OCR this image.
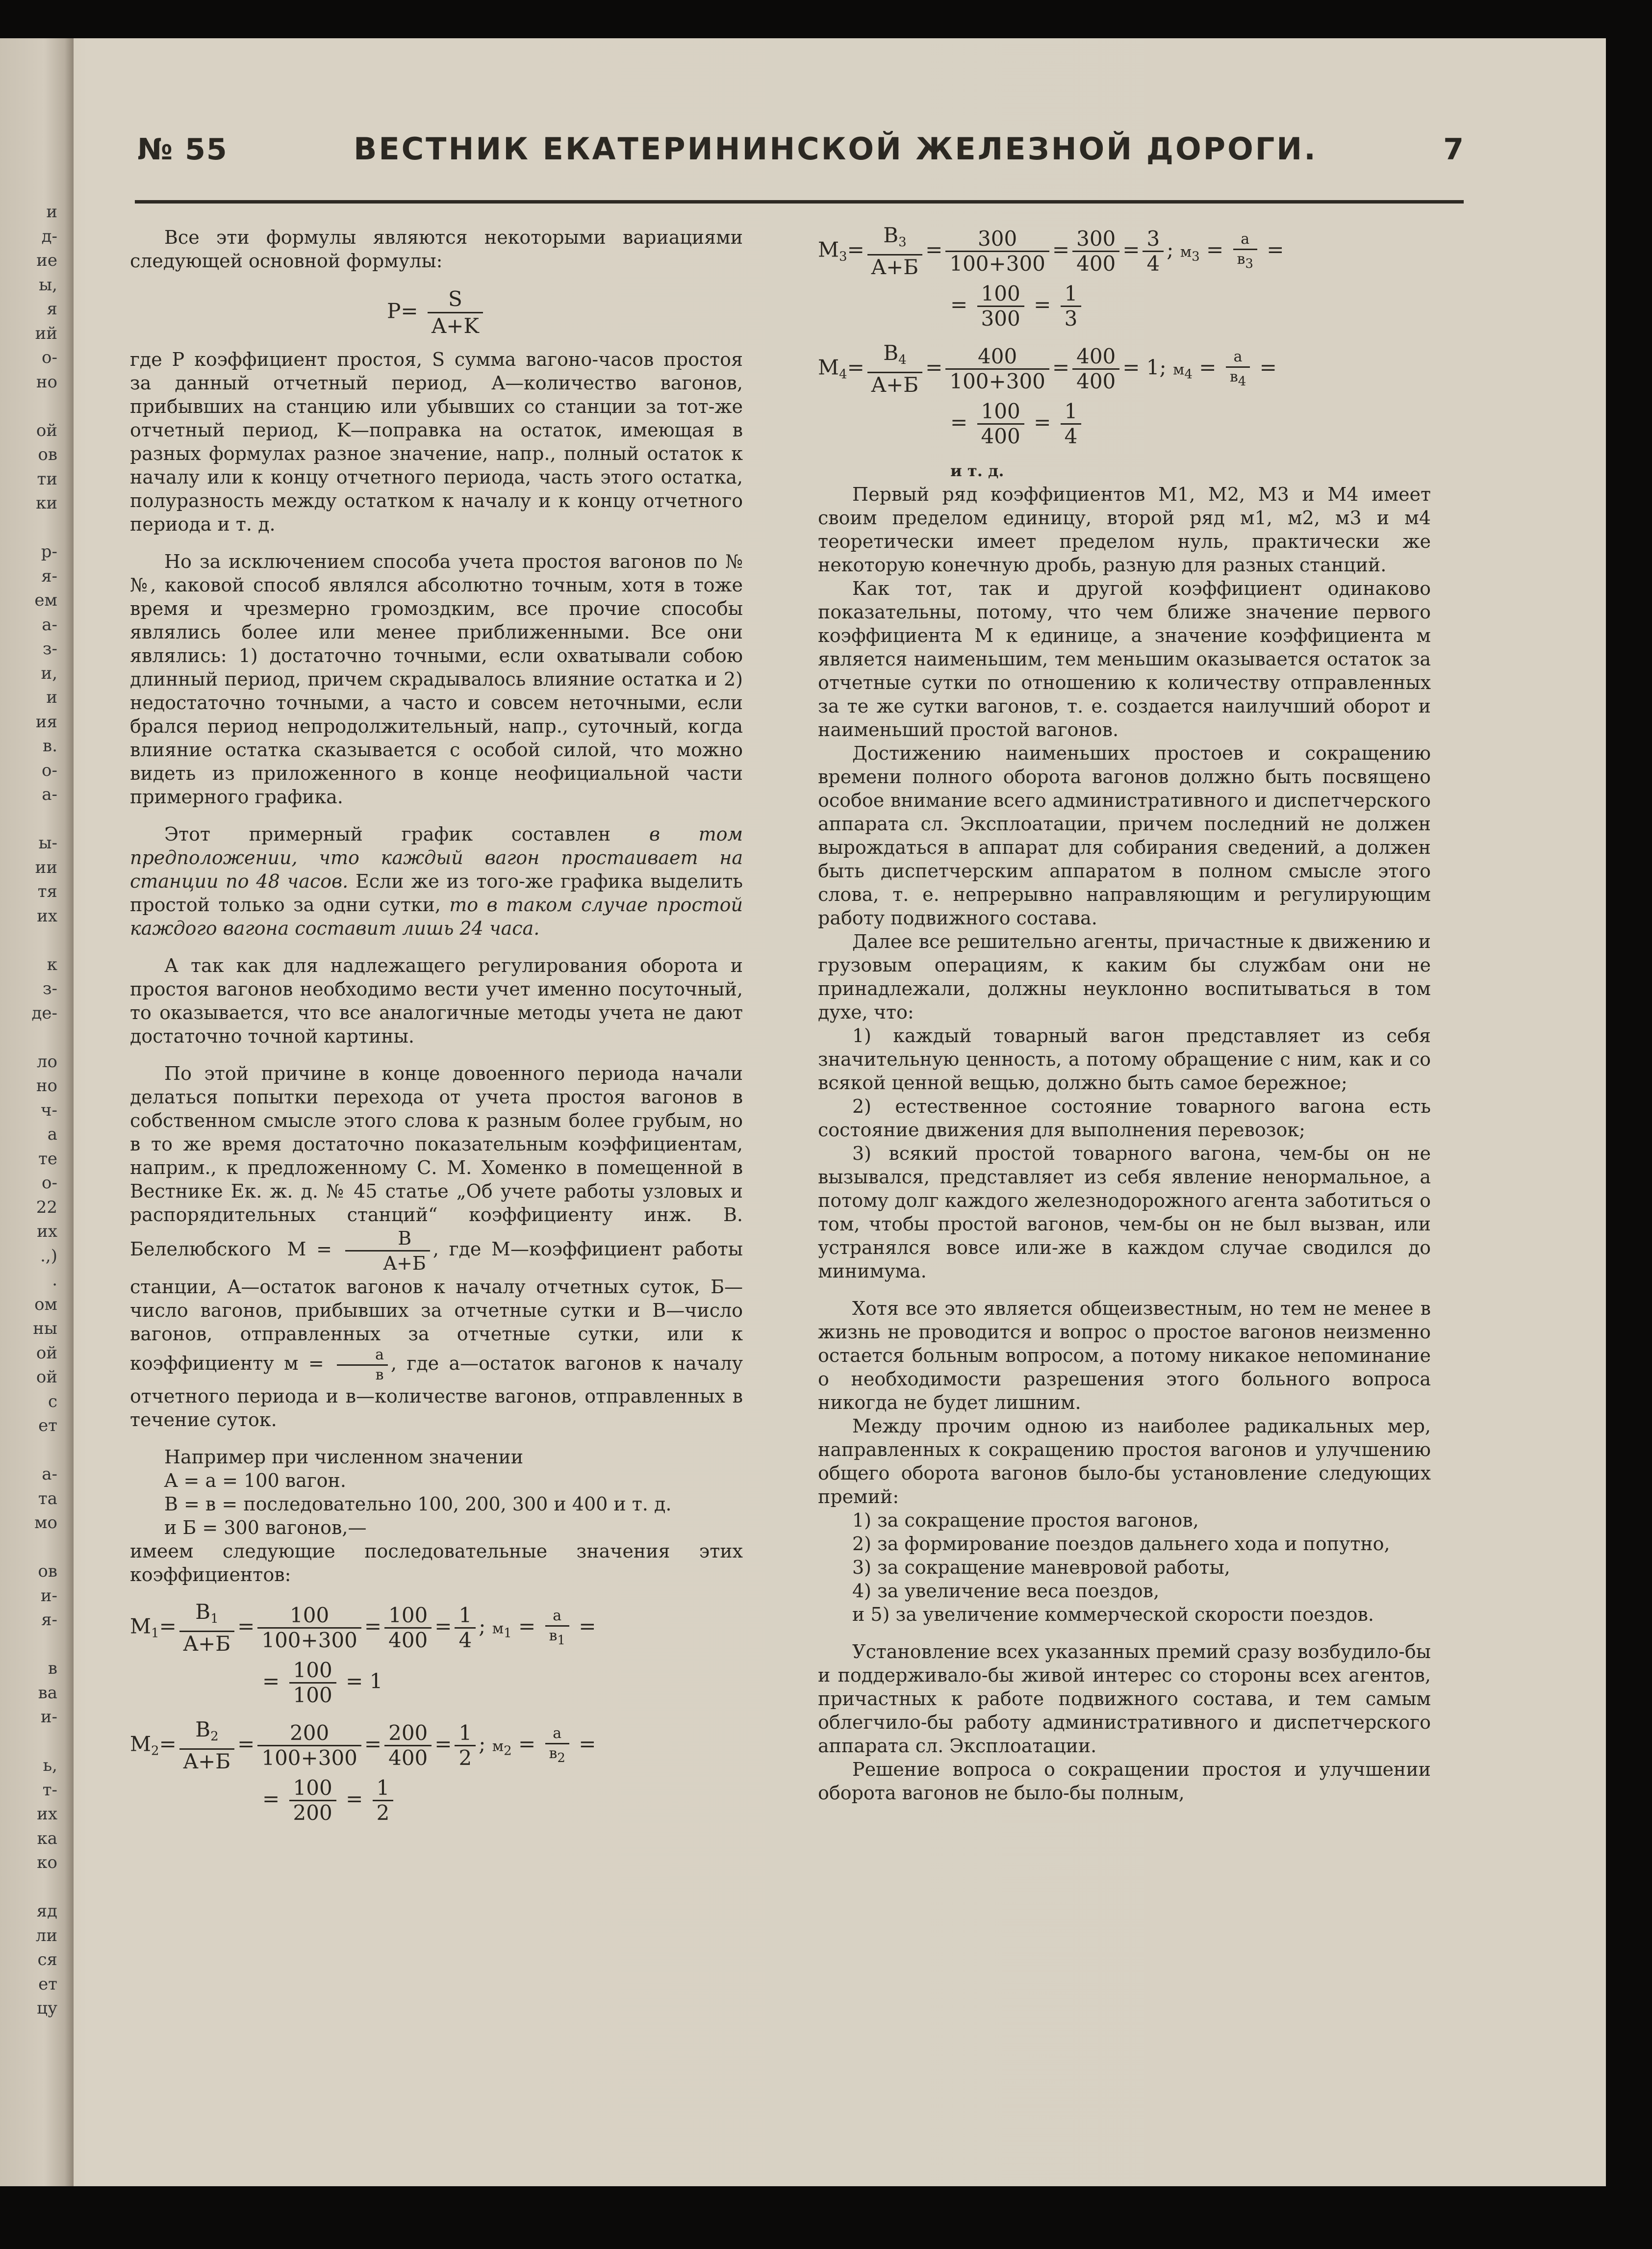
и
д-
ие
ы,
я
ий
о-
но

ой
ов
ти
ки

р-
я-
ем
а-
з-
и,
и
ия
в.
о-
а-

ы-
ии
тя
их

к
з-
де-

ло
но
ч-
а
те
о-
22
их
.,)
.
ом
ны
ой
ой
с
ет

а-
та
мо

ов
и-
я-

в
ва
и-

ь,
т-
их
ка
ко

яд
ли
ся
ет
цу
№ 55	ВЕСТНИК ЕКАТЕРИНИНСКОЙ ЖЕЛЕЗНОЙ ДОРОГИ.	7

Все эти формулы являются некоторыми вариациями следующей основной формулы:

$P= \frac{S}{A+K}$

где P коэффициент простоя, S сумма вагоно-часов простоя за данный отчетный период, A—количество вагонов, прибывших на станцию или убывших со станции за тот-же отчетный период, K—поправка на остаток, имеющая в разных формулах разное значение, напр., полный остаток к началу или к концу отчетного периода, часть этого остатка, полуразность между остатком к началу и к концу отчетного периода и т. д.

Но за исключением способа учета простоя вагонов по №№, каковой способ являлся абсолютно точным, хотя в тоже время и чрезмерно громоздким, все прочие способы являлись более или менее приближенными. Все они являлись: 1) достаточно точными, если охватывали собою длинный период, причем скрадывалось влияние остатка и 2) недостаточно точными, а часто и совсем неточными, если брался период непродолжительный, напр., суточный, когда влияние остатка сказывается с особой силой, что можно видеть из приложенного в конце неофициальной части примерного графика.

Этот примерный график составлен в том предположении, что каждый вагон простаивает на станции по 48 часов. Если же из того-же графика выделить простой только за одни сутки, то в таком случае простой каждого вагона составит лишь 24 часа.

А так как для надлежащего регулирования оборота и простоя вагонов необходимо вести учет именно посуточный, то оказывается, что все аналогичные методы учета не дают достаточно точной картины.

По этой причине в конце довоенного периода начали делаться попытки перехода от учета простоя вагонов в собственном смысле этого слова к разным более грубым, но в то же время достаточно показательным коэффициентам, наприм., к предложенному С. М. Хоменко в помещенной в Вестнике Ек. ж. д. № 45 статье „Об учете работы узловых и распорядительных станций“ коэффициенту инж. В. Белелюбского $M = \frac{B}{A+Б}$ , где M—коэффициент работы станции, A—остаток вагонов к началу отчетных суток, Б—число вагонов, прибывших за отчетные сутки и B—число вагонов, отправленных за отчетные сутки, или к коэффициенту $м = \frac{a}{в}$ , где a—остаток вагонов к началу отчетного периода и в—количестве вагонов, отправленных в течение суток.

Например при численном значении

A = a = 100 вагон.

B = в = последовательно 100, 200, 300 и 400 и т. д.

и Б = 300 вагонов,—

имеем следующие последовательные значения этих коэффициентов:

$M_1= \frac{B_1}{A+Б} = \frac{100}{100+300} = \frac{100}{400} = \frac{1}{4}$ ; $м_1 = \frac{a}{в1}$ =
= $\frac{100}{100} = 1$
$M_2= \frac{B_2}{A+Б} = \frac{200}{100+300} = \frac{200}{400} = \frac{1}{2}$ ; $м_2 = \frac{a}{в2}$ =
= $\frac{100}{200} = \frac{1}{2}$
$M_3= \frac{B_3}{A+Б} = \frac{300}{100+300} = \frac{300}{400} = \frac{3}{4}$ ; $м_3 = \frac{a}{в3}$ =
= $\frac{100}{300} = \frac{1}{3}$
$M_4= \frac{B_4}{A+Б} = \frac{400}{100+300} = \frac{400}{400} = 1$; $м_4 = \frac{a}{в4}$ =
= $\frac{100}{400} = \frac{1}{4}$

и т. д.

Первый ряд коэффициентов M1, M2, M3 и M4 имеет своим пределом единицу, второй ряд м1, м2, м3 и м4 теоретически имеет пределом нуль, практически же некоторую конечную дробь, разную для разных станций.

Как тот, так и другой коэффициент одинаково показательны, потому, что чем ближе значение первого коэффициента M к единице, а значение коэффициента м является наименьшим, тем меньшим оказывается остаток за отчетные сутки по отношению к количеству отправленных за те же сутки вагонов, т. е. создается наилучший оборот и наименьший простой вагонов.

Достижению наименьших простоев и сокращению времени полного оборота вагонов должно быть посвящено особое внимание всего административного и диспетчерского аппарата сл. Эксплоатации, причем последний не должен вырождаться в аппарат для собирания сведений, а должен быть диспетчерским аппаратом в полном смысле этого слова, т. е. непрерывно направляющим и регулирующим работу подвижного состава.

Далее все решительно агенты, причастные к движению и грузовым операциям, к каким бы службам они не принадлежали, должны неуклонно воспитываться в том духе, что:

1) каждый товарный вагон представляет из себя значительную ценность, а потому обращение с ним, как и со всякой ценной вещью, должно быть самое бережное;

2) естественное состояние товарного вагона есть состояние движения для выполнения перевозок;

3) всякий простой товарного вагона, чем-бы он не вызывался, представляет из себя явление ненормальное, а потому долг каждого железнодорожного агента заботиться о том, чтобы простой вагонов, чем-бы он не был вызван, или устранялся вовсе или-же в каждом случае сводился до минимума.

Хотя все это является общеизвестным, но тем не менее в жизнь не проводится и вопрос о простое вагонов неизменно остается больным вопросом, а потому никакое непоминание о необходимости разрешения этого больного вопроса никогда не будет лишним.

Между прочим одною из наиболее радикальных мер, направленных к сокращению простоя вагонов и улучшению общего оборота вагонов было-бы установление следующих премий:

1) за сокращение простоя вагонов,

2) за формирование поездов дальнего хода и попутно,

3) за сокращение маневровой работы,

4) за увеличение веса поездов,

и 5) за увеличение коммерческой скорости поездов.

Установление всех указанных премий сразу возбудило-бы и поддерживало-бы живой интерес со стороны всех агентов, причастных к работе подвижного состава, и тем самым облегчило-бы работу административного и диспетчерского аппарата сл. Эксплоатации.

Решение вопроса о сокращении простоя и улучшении оборота вагонов не было-бы полным,
